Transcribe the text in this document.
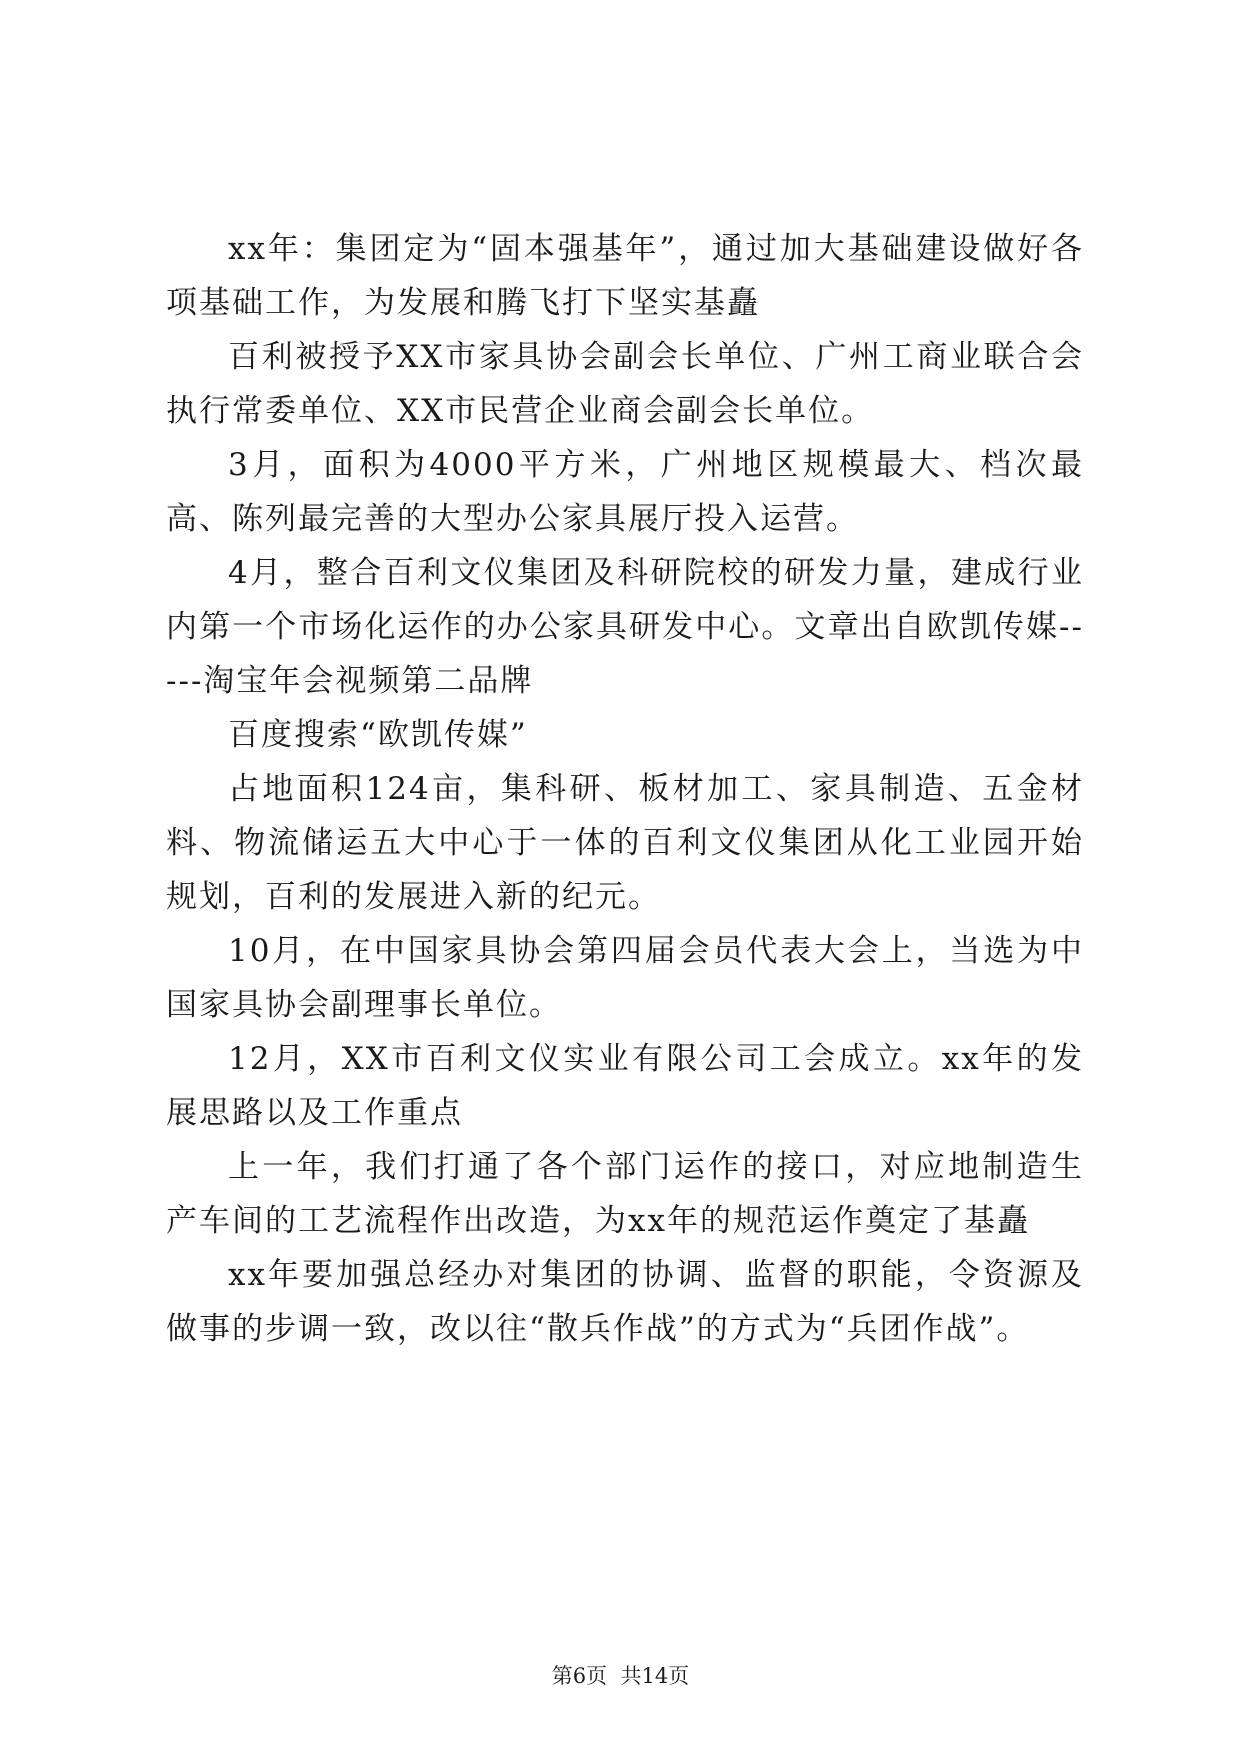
xx年：集团定为“固本强基年”，通过加大基础建设做好各项基础工作，为发展和腾飞打下坚实基矗

百利被授予XX市家具协会副会长单位、广州工商业联合会执行常委单位、XX市民营企业商会副会长单位。

3月，面积为4000平方米，广州地区规模最大、档次最高、陈列最完善的大型办公家具展厅投入运营。

4月，整合百利文仪集团及科研院校的研发力量，建成行业内第一个市场化运作的办公家具研发中心。文章出自欧凯传媒-----淘宝年会视频第二品牌

百度搜索“欧凯传媒”

占地面积124亩，集科研、板材加工、家具制造、五金材料、物流储运五大中心于一体的百利文仪集团从化工业园开始规划，百利的发展进入新的纪元。

10月，在中国家具协会第四届会员代表大会上，当选为中国家具协会副理事长单位。

12月，XX市百利文仪实业有限公司工会成立。xx年的发展思路以及工作重点

上一年，我们打通了各个部门运作的接口，对应地制造生产车间的工艺流程作出改造，为xx年的规范运作奠定了基矗

xx年要加强总经办对集团的协调、监督的职能，令资源及做事的步调一致，改以往“散兵作战”的方式为“兵团作战”。

第6页  共14页
